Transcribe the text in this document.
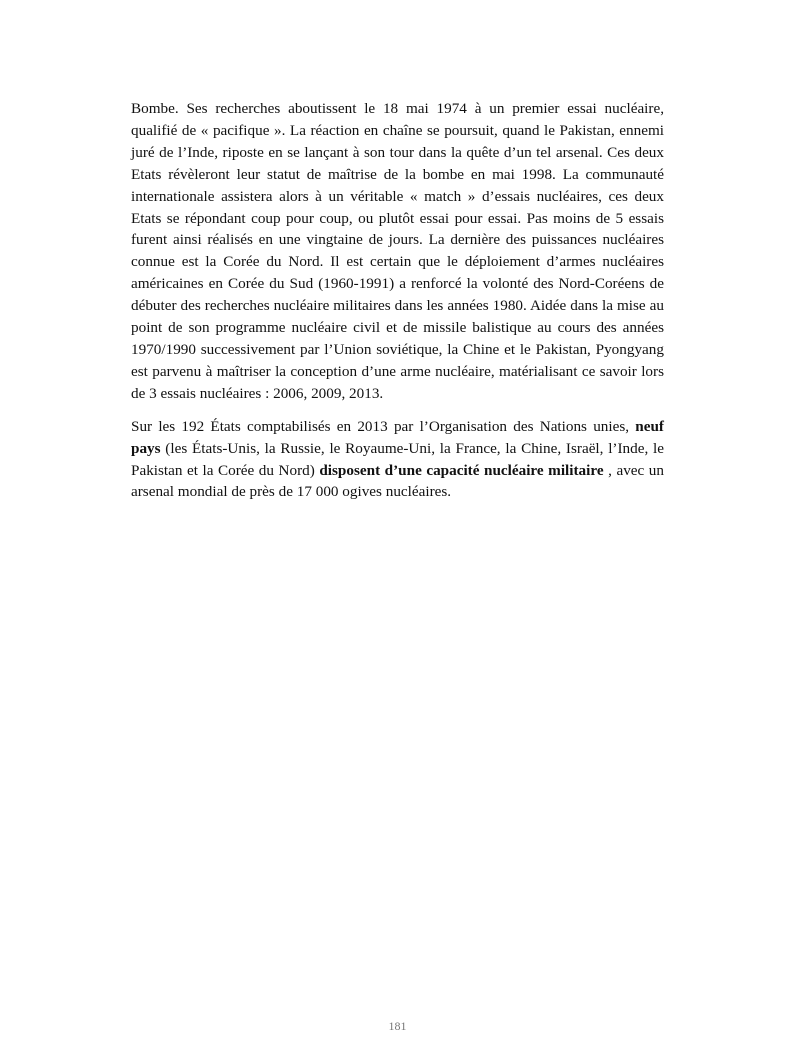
Bombe. Ses recherches aboutissent le 18 mai 1974 à un premier essai nucléaire, qualifié de « pacifique ». La réaction en chaîne se poursuit, quand le Pakistan, ennemi juré de l’Inde, riposte en se lançant à son tour dans la quête d’un tel arsenal. Ces deux Etats révèleront leur statut de maîtrise de la bombe en mai 1998. La communauté internationale assistera alors à un véritable « match » d’essais nucléaires, ces deux Etats se répondant coup pour coup, ou plutôt essai pour essai. Pas moins de 5 essais furent ainsi réalisés en une vingtaine de jours. La dernière des puissances nucléaires connue est la Corée du Nord. Il est certain que le déploiement d’armes nucléaires américaines en Corée du Sud (1960-1991) a renforcé la volonté des Nord-Coréens de débuter des recherches nucléaire militaires dans les années 1980. Aidée dans la mise au point de son programme nucléaire civil et de missile balistique au cours des années 1970/1990 successivement par l’Union soviétique, la Chine et le Pakistan, Pyongyang est parvenu à maîtriser la conception d’une arme nucléaire, matérialisant ce savoir lors de 3 essais nucléaires : 2006, 2009, 2013.

Sur les 192 États comptabilisés en 2013 par l’Organisation des Nations unies, neuf pays (les États-Unis, la Russie, le Royaume-Uni, la France, la Chine, Israël, l’Inde, le Pakistan et la Corée du Nord) disposent d’une capacité nucléaire militaire , avec un arsenal mondial de près de 17 000 ogives nucléaires.

181
